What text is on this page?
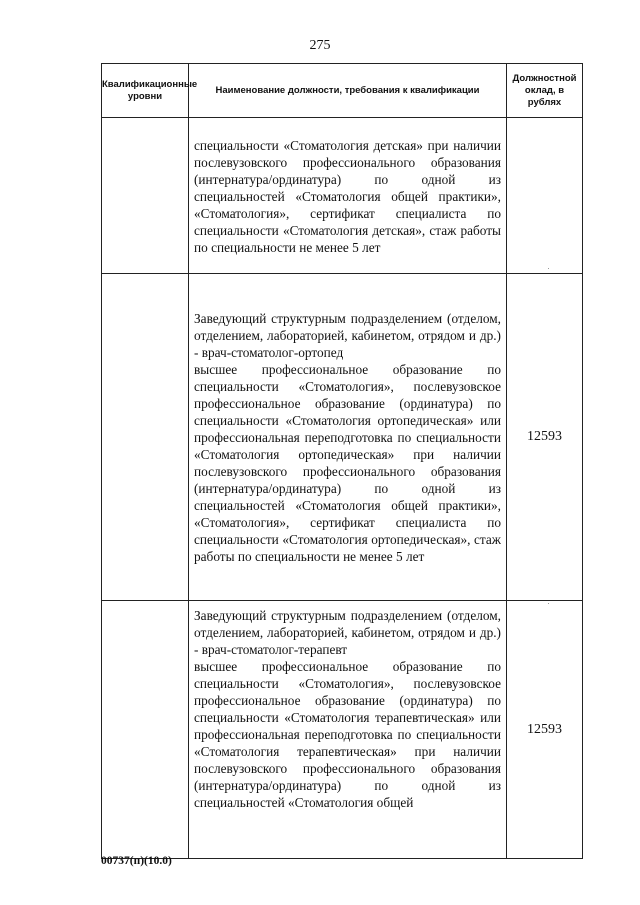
275
Квалификационные уровни	Наименование должности, требования к квалификации	Должностной оклад, в рублях

	специальности «Стоматология детская» при наличии послевузовского профессионального образования (интернатура/ординатура) по одной из специальностей «Стоматология общей практики», «Стоматология», сертификат специалиста по специальности «Стоматология детская», стаж работы по специальности не менее 5 лет	

	Заведующий структурным подразделением (отделом, отделением, лабораторией, кабинетом, отрядом и др.) - врач-стоматолог-ортопед

высшее профессиональное образование по специальности «Стоматология», послевузовское профессиональное образование (ординатура) по специальности «Стоматология ортопедическая» или профессиональная переподготовка по специальности «Стоматология ортопедическая» при наличии послевузовского профессионального образования (интернатура/ординатура) по одной из специальностей «Стоматология общей практики», «Стоматология», сертификат специалиста по специальности «Стоматология ортопедическая», стаж работы по специальности не менее 5 лет	12593

	Заведующий структурным подразделением (отделом, отделением, лабораторией, кабинетом, отрядом и др.) - врач-стоматолог-терапевт

высшее профессиональное образование по специальности «Стоматология», послевузовское профессиональное образование (ординатура) по специальности «Стоматология терапевтическая» или профессиональная переподготовка по специальности «Стоматология терапевтическая» при наличии послевузовского профессионального образования (интернатура/ординатура) по одной из специальностей «Стоматология общей	12593
00737(п)(10.0)
